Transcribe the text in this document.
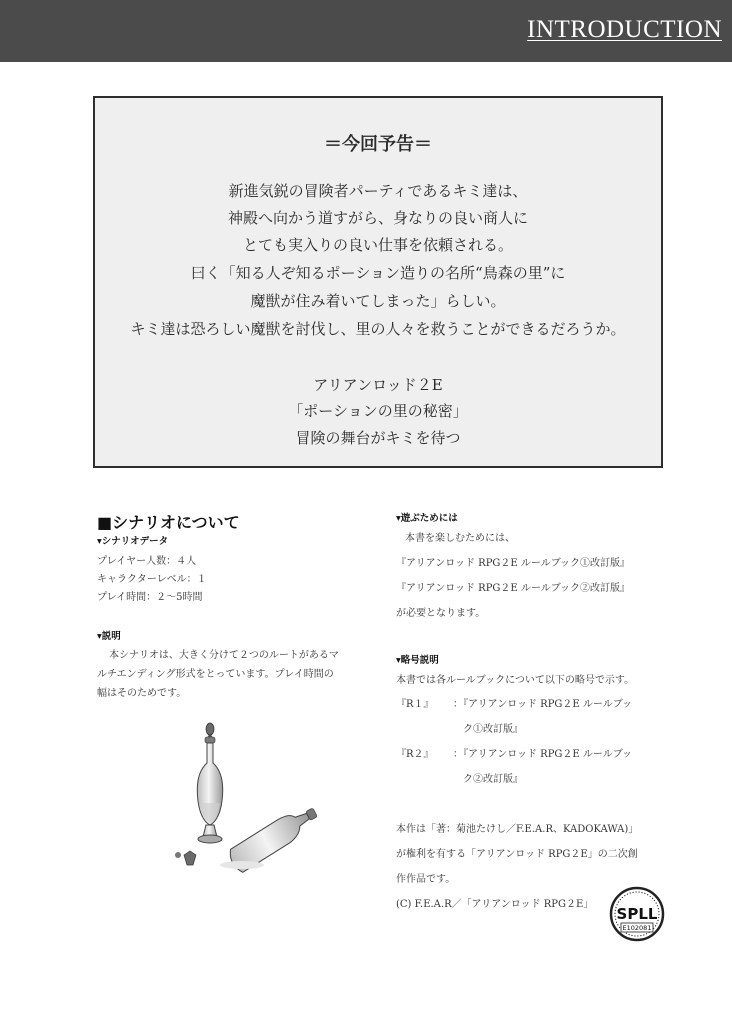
INTRODUCTION
＝今回予告＝
新進気鋭の冒険者パーティであるキミ達は、
神殿へ向かう道すがら、身なりの良い商人に
とても実入りの良い仕事を依頼される。
曰く「知る人ぞ知るポーション造りの名所“鳥森の里”に
魔獣が住み着いてしまった」らしい。
キミ達は恐ろしい魔獣を討伐し、里の人々を救うことができるだろうか。
アリアンロッド２E
「ポーションの里の秘密」
冒険の舞台がキミを待つ
■シナリオについて
▾シナリオデータ
プレイヤー人数：４人
キャラクターレベル：１
プレイ時間：２〜5時間
▾説明
本シナリオは、大きく分けて２つのルートがあるマ
ルチエンディング形式をとっています。プレイ時間の
幅はそのためです。
▾遊ぶためには
本書を楽しむためには、
『アリアンロッド RPG２E ルールブック①改訂版』
『アリアンロッド RPG２E ルールブック②改訂版』
が必要となります。
▾略号説明
本書では各ルールブックについて以下の略号で示す。
『R１』 ：『アリアンロッド RPG２E ルールブッ
ク①改訂版』
『R２』 ：『アリアンロッド RPG２E ルールブッ
ク②改訂版』
本作は「著：菊池たけし／F.E.A.R、KADOKAWA)」
が権利を有する「アリアンロッド RPG２E」の二次創
作作品です。
(C) F.E.A.R／「アリアンロッド RPG２E」
SPLL
E102081
